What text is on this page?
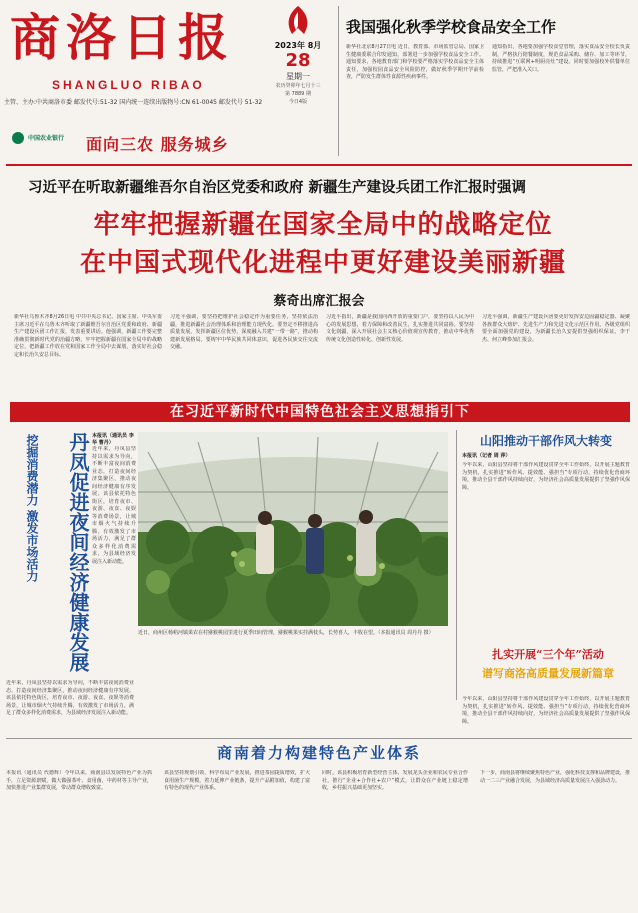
商洛日报
SHANGLUO RIBAO
主管、主办:中共商洛市委 邮发代号:51-32 国内统一连续出版物号:CN 61-0045 邮发代号 51-32
2023年 8月
28
星期一
农历癸卯年七月十三
第 7889 期
今日4版
中国农业银行 面向三农 服务城乡
我国强化秋季学校食品安全工作
新华社北京8月27日电 近日，教育部、市场监管总局、国家卫生健康委联合印发通知，部署进一步加强学校食品安全工作。通知要求，各地教育部门和学校要严格落实学校食品安全主体责任，加强校园食品安全风险防控，做好秋季学期开学前检查，严防发生群体性食源性疾病事件。
通知指出，各地要加强学校食堂管理，落实食品安全校长负责制，严格执行陪餐制度，规范食品采购、储存、加工等环节，持续推进“互联网+明厨亮灶”建设。同时要加强校外供餐单位监管，严把准入关口。
习近平在听取新疆维吾尔自治区党委和政府 新疆生产建设兵团工作汇报时强调
牢牢把握新疆在国家全局中的战略定位
在中国式现代化进程中更好建设美丽新疆
蔡奇出席汇报会
新华社乌鲁木齐8月26日电 中共中央总书记、国家主席、中央军委主席习近平在乌鲁木齐听取了新疆维吾尔自治区党委和政府、新疆生产建设兵团工作汇报，发表重要讲话。他强调，新疆工作要完整准确贯彻新时代党的治疆方略，牢牢把握新疆在国家全局中的战略定位，把新疆工作放在党和国家工作全局中去谋划，落实好社会稳定和长治久安总目标。
习近平强调，要坚持把维护社会稳定作为重要任务，坚持依法治疆，推进新疆社会治理体系和治理能力现代化。要坚定不移推进高质量发展，发挥新疆区位优势，深度融入共建“一带一路”，推动构建新发展格局。要铸牢中华民族共同体意识，促进各民族交往交流交融。
习近平指出，新疆是我国向西开放的重要门户，要坚持以人民为中心的发展思想，着力保障和改善民生，扎实推进共同富裕。要坚持文化润疆，深入开展社会主义核心价值观宣传教育，推动中华优秀传统文化创造性转化、创新性发展。
习近平强调，新疆生产建设兵团要更好发挥安边固疆稳定器、凝聚各族群众大熔炉、先进生产力和先进文化示范区作用。各级党组织要全面加强党的建设，为新疆长治久安提供坚强组织保证。李干杰、何立峰参加汇报会。
在习近平新时代中国特色社会主义思想指引下
丹凤促进夜间经济健康发展
挖掘消费潜力 激发市场活力	本报讯（通讯员 李 华 曹丹）
近年来，丹凤县坚持以需求为导向，不断丰富夜间消费业态，打造夜间经济集聚区，推动夜间经济健康有序发展。该县依托特色街区，培育夜市、夜游、夜食、夜娱等消费场景，让城市烟火气持续升腾，有效激发了市场活力，满足了群众多样化消费需求，为县域经济发展注入新动能。
近年来，丹凤县坚持以需求为导向，不断丰富夜间消费业态，打造夜间经济集聚区，推动夜间经济健康有序发展。该县依托特色街区，培育夜市、夜游、夜食、夜娱等消费场景，让城市烟火气持续升腾，有效激发了市场活力，满足了群众多样化消费需求，为县域经济发展注入新动能。
近日，商州区杨峪河镇果农在村猕猴桃园里进行夏季田间管理，猕猴桃果实挂满枝头，长势喜人，丰收在望。（本报通讯员 周丹丹 摄）
山阳推动干部作风大转变
本报讯（记者 周 萍）
今年以来，山阳县坚持将干部作风建设贯穿全年工作始终，以开展主题教育为契机，扎实推进“转作风、提效能、强担当”专项行动，持续优化营商环境，推动全县干部作风持续向好，为经济社会高质量发展提供了坚强作风保障。
扎实开展“三个年”活动
谱写商洛高质量发展新篇章
今年以来，山阳县坚持将干部作风建设贯穿全年工作始终，以开展主题教育为契机，扎实推进“转作风、提效能、强担当”专项行动，持续优化营商环境，推动全县干部作风持续向好，为经济社会高质量发展提供了坚强作风保障。
商南着力构建特色产业体系
本报讯（通讯员 代德辉）今年以来，商南县以发展特色产业为抓手，立足资源禀赋，做大做强茶叶、食用菌、中药材等主导产业，加快推进产业集群发展，带动群众增收致富。
该县坚持规划引领，科学布局产业发展，推进茶园提质增效，扩大食用菌生产规模，着力延伸产业链条，提升产品附加值，构建了富有特色的现代产业体系。
同时，该县积极培育新型经营主体，发展龙头企业和农民专业合作社，推行“企业+合作社+农户”模式，让群众在产业链上稳定增收，乡村振兴基础更加坚实。
下一步，商南县将继续聚焦特色产业，强化科技支撑和品牌建设，推动一二三产业融合发展，为县域经济高质量发展注入强劲动力。
